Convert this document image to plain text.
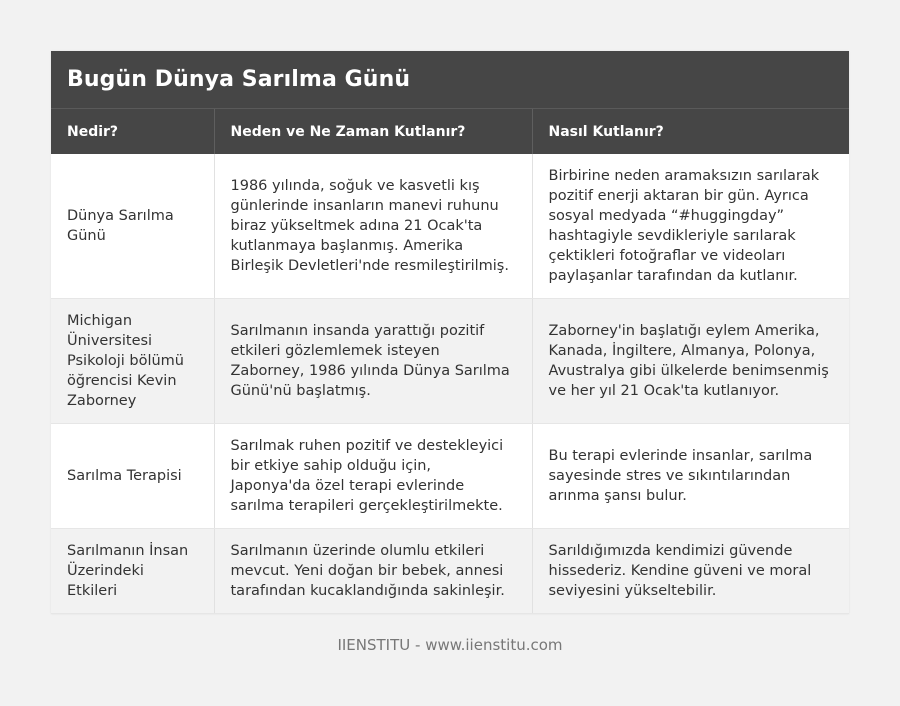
Bugün Dünya Sarılma Günü
Nedir?	Neden ve Ne Zaman Kutlanır?	Nasıl Kutlanır?
Dünya Sarılma Günü	1986 yılında, soğuk ve kasvetli kış günlerinde insanların manevi ruhunu biraz yükseltmek adına 21 Ocak'ta kutlanmaya başlanmış. Amerika Birleşik Devletleri'nde resmileştirilmiş.	Birbirine neden aramaksızın sarılarak pozitif enerji aktaran bir gün. Ayrıca sosyal medyada “#huggingday” hashtagiyle sevdikleriyle sarılarak çektikleri fotoğraflar ve videoları paylaşanlar tarafından da kutlanır.
Michigan Üniversitesi Psikoloji bölümü öğrencisi Kevin Zaborney	Sarılmanın insanda yarattığı pozitif etkileri gözlemlemek isteyen Zaborney, 1986 yılında Dünya Sarılma Günü'nü başlatmış.	Zaborney'in başlatığı eylem Amerika, Kanada, İngiltere, Almanya, Polonya, Avustralya gibi ülkelerde benimsenmiş ve her yıl 21 Ocak'ta kutlanıyor.
Sarılma Terapisi	Sarılmak ruhen pozitif ve destekleyici bir etkiye sahip olduğu için, Japonya'da özel terapi evlerinde sarılma terapileri gerçekleştirilmekte.	Bu terapi evlerinde insanlar, sarılma sayesinde stres ve sıkıntılarından arınma şansı bulur.
Sarılmanın İnsan Üzerindeki Etkileri	Sarılmanın üzerinde olumlu etkileri mevcut. Yeni doğan bir bebek, annesi tarafından kucaklandığında sakinleşir.	Sarıldığımızda kendimizi güvende hissederiz. Kendine güveni ve moral seviyesini yükseltebilir.
IIENSTITU - www.iienstitu.com
